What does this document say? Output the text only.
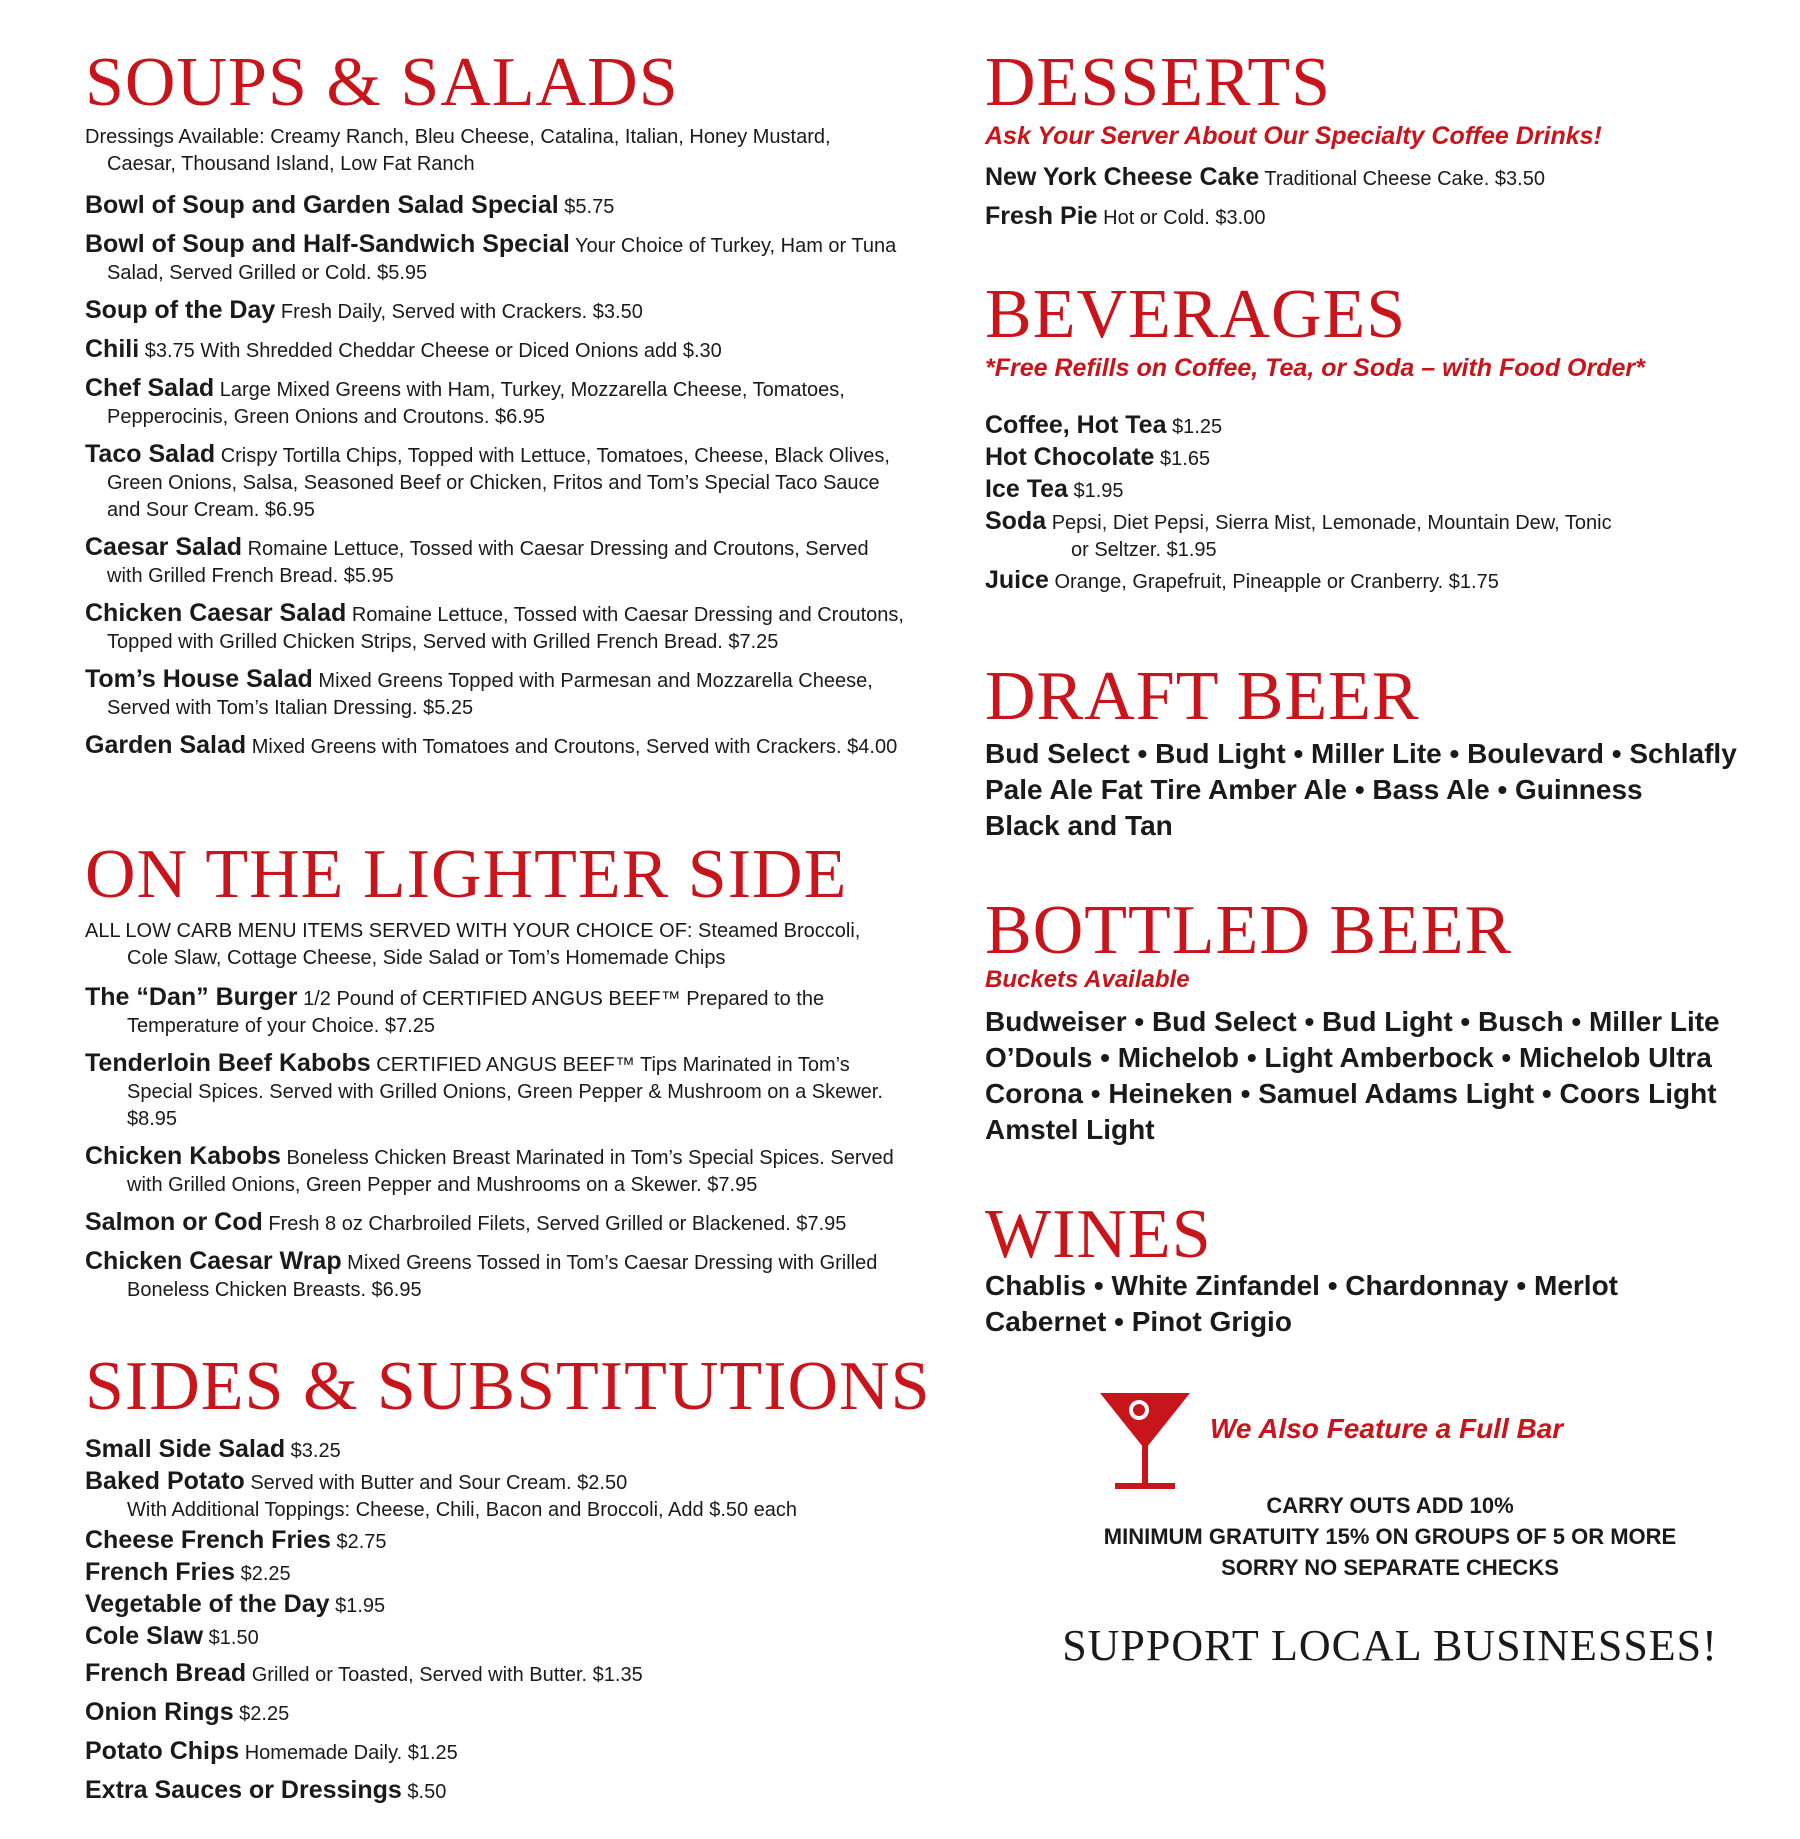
SOUPS & SALADS
Dressings Available: Creamy Ranch, Bleu Cheese, Catalina, Italian, Honey Mustard, Caesar, Thousand Island, Low Fat Ranch
Bowl of Soup and Garden Salad Special $5.75
Bowl of Soup and Half-Sandwich Special Your Choice of Turkey, Ham or Tuna Salad, Served Grilled or Cold. $5.95
Soup of the Day Fresh Daily, Served with Crackers. $3.50
Chili $3.75 With Shredded Cheddar Cheese or Diced Onions add $.30
Chef Salad Large Mixed Greens with Ham, Turkey, Mozzarella Cheese, Tomatoes, Pepperocinis, Green Onions and Croutons. $6.95
Taco Salad Crispy Tortilla Chips, Topped with Lettuce, Tomatoes, Cheese, Black Olives, Green Onions, Salsa, Seasoned Beef or Chicken, Fritos and Tom’s Special Taco Sauce and Sour Cream. $6.95
Caesar Salad Romaine Lettuce, Tossed with Caesar Dressing and Croutons, Served with Grilled French Bread. $5.95
Chicken Caesar Salad Romaine Lettuce, Tossed with Caesar Dressing and Croutons, Topped with Grilled Chicken Strips, Served with Grilled French Bread. $7.25
Tom’s House Salad Mixed Greens Topped with Parmesan and Mozzarella Cheese, Served with Tom’s Italian Dressing. $5.25
Garden Salad Mixed Greens with Tomatoes and Croutons, Served with Crackers. $4.00
ON THE LIGHTER SIDE
ALL LOW CARB MENU ITEMS SERVED WITH YOUR CHOICE OF: Steamed Broccoli, Cole Slaw, Cottage Cheese, Side Salad or Tom’s Homemade Chips
The “Dan” Burger 1/2 Pound of CERTIFIED ANGUS BEEF™ Prepared to the Temperature of your Choice. $7.25
Tenderloin Beef Kabobs CERTIFIED ANGUS BEEF™ Tips Marinated in Tom’s Special Spices. Served with Grilled Onions, Green Pepper & Mushroom on a Skewer. $8.95
Chicken Kabobs Boneless Chicken Breast Marinated in Tom’s Special Spices. Served with Grilled Onions, Green Pepper and Mushrooms on a Skewer. $7.95
Salmon or Cod Fresh 8 oz Charbroiled Filets, Served Grilled or Blackened. $7.95
Chicken Caesar Wrap Mixed Greens Tossed in Tom’s Caesar Dressing with Grilled Boneless Chicken Breasts. $6.95
SIDES & SUBSTITUTIONS
Small Side Salad $3.25
Baked Potato Served with Butter and Sour Cream. $2.50
With Additional Toppings: Cheese, Chili, Bacon and Broccoli, Add $.50 each
Cheese French Fries $2.75
French Fries $2.25
Vegetable of the Day $1.95
Cole Slaw $1.50
French Bread Grilled or Toasted, Served with Butter. $1.35
Onion Rings $2.25
Potato Chips Homemade Daily. $1.25
Extra Sauces or Dressings $.50
DESSERTS
Ask Your Server About Our Specialty Coffee Drinks!
New York Cheese Cake Traditional Cheese Cake. $3.50
Fresh Pie Hot or Cold. $3.00
BEVERAGES
*Free Refills on Coffee, Tea, or Soda – with Food Order*
Coffee, Hot Tea $1.25
Hot Chocolate $1.65
Ice Tea $1.95
Soda Pepsi, Diet Pepsi, Sierra Mist, Lemonade, Mountain Dew, Tonic or Seltzer. $1.95
Juice Orange, Grapefruit, Pineapple or Cranberry. $1.75
DRAFT BEER
Bud Select • Bud Light • Miller Lite • Boulevard • Schlafly
Pale Ale Fat Tire Amber Ale • Bass Ale • Guinness
Black and Tan
BOTTLED BEER
Buckets Available
Budweiser • Bud Select • Bud Light • Busch • Miller Lite
O’Douls • Michelob • Light Amberbock • Michelob Ultra
Corona • Heineken • Samuel Adams Light • Coors Light
Amstel Light
WINES
Chablis • White Zinfandel • Chardonnay • Merlot
Cabernet • Pinot Grigio
We Also Feature a Full Bar
CARRY OUTS ADD 10%
MINIMUM GRATUITY 15% ON GROUPS OF 5 OR MORE
SORRY NO SEPARATE CHECKS
SUPPORT LOCAL BUSINESSES!
